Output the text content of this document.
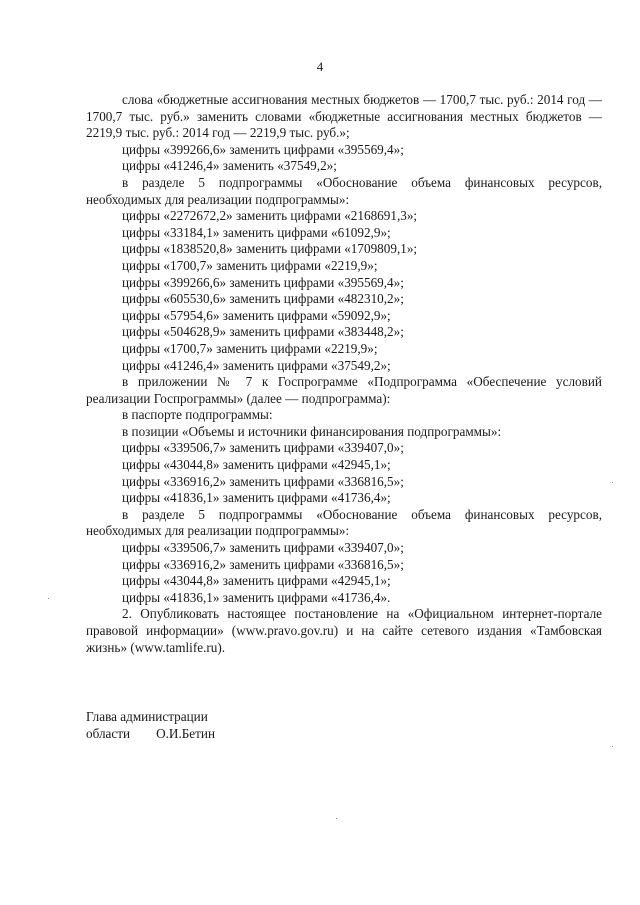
4

слова «бюджетные ассигнования местных бюджетов — 1700,7 тыс. руб.: 2014 год — 1700,7 тыс. руб.» заменить словами «бюджетные ассигнования местных бюджетов — 2219,9 тыс. руб.: 2014 год — 2219,9 тыс. руб.»;

цифры «399266,6» заменить цифрами «395569,4»;

цифры «41246,4» заменить «37549,2»;

в разделе 5 подпрограммы «Обоснование объема финансовых ресурсов, необходимых для реализации подпрограммы»:

цифры «2272672,2» заменить цифрами «2168691,3»;

цифры «33184,1» заменить цифрами «61092,9»;

цифры «1838520,8» заменить цифрами «1709809,1»;

цифры «1700,7» заменить цифрами «2219,9»;

цифры «399266,6» заменить цифрами «395569,4»;

цифры «605530,6» заменить цифрами «482310,2»;

цифры «57954,6» заменить цифрами «59092,9»;

цифры «504628,9» заменить цифрами «383448,2»;

цифры «1700,7» заменить цифрами «2219,9»;

цифры «41246,4» заменить цифрами «37549,2»;

в приложении № 7 к Госпрограмме «Подпрограмма «Обеспечение условий реализации Госпрограммы» (далее — подпрограмма):

в паспорте подпрограммы:

в позиции «Объемы и источники финансирования подпрограммы»:

цифры «339506,7» заменить цифрами «339407,0»;

цифры «43044,8» заменить цифрами «42945,1»;

цифры «336916,2» заменить цифрами «336816,5»;

цифры «41836,1» заменить цифрами «41736,4»;

в разделе 5 подпрограммы «Обоснование объема финансовых ресурсов, необходимых для реализации подпрограммы»:

цифры «339506,7» заменить цифрами «339407,0»;

цифры «336916,2» заменить цифрами «336816,5»;

цифры «43044,8» заменить цифрами «42945,1»;

цифры «41836,1» заменить цифрами «41736,4».

2. Опубликовать настоящее постановление на «Официальном интернет-портале правовой информации» (www.pravo.gov.ru) и на сайте сетевого издания «Тамбовская жизнь» (www.tamlife.ru).

Глава администрации
области О.И.Бетин
